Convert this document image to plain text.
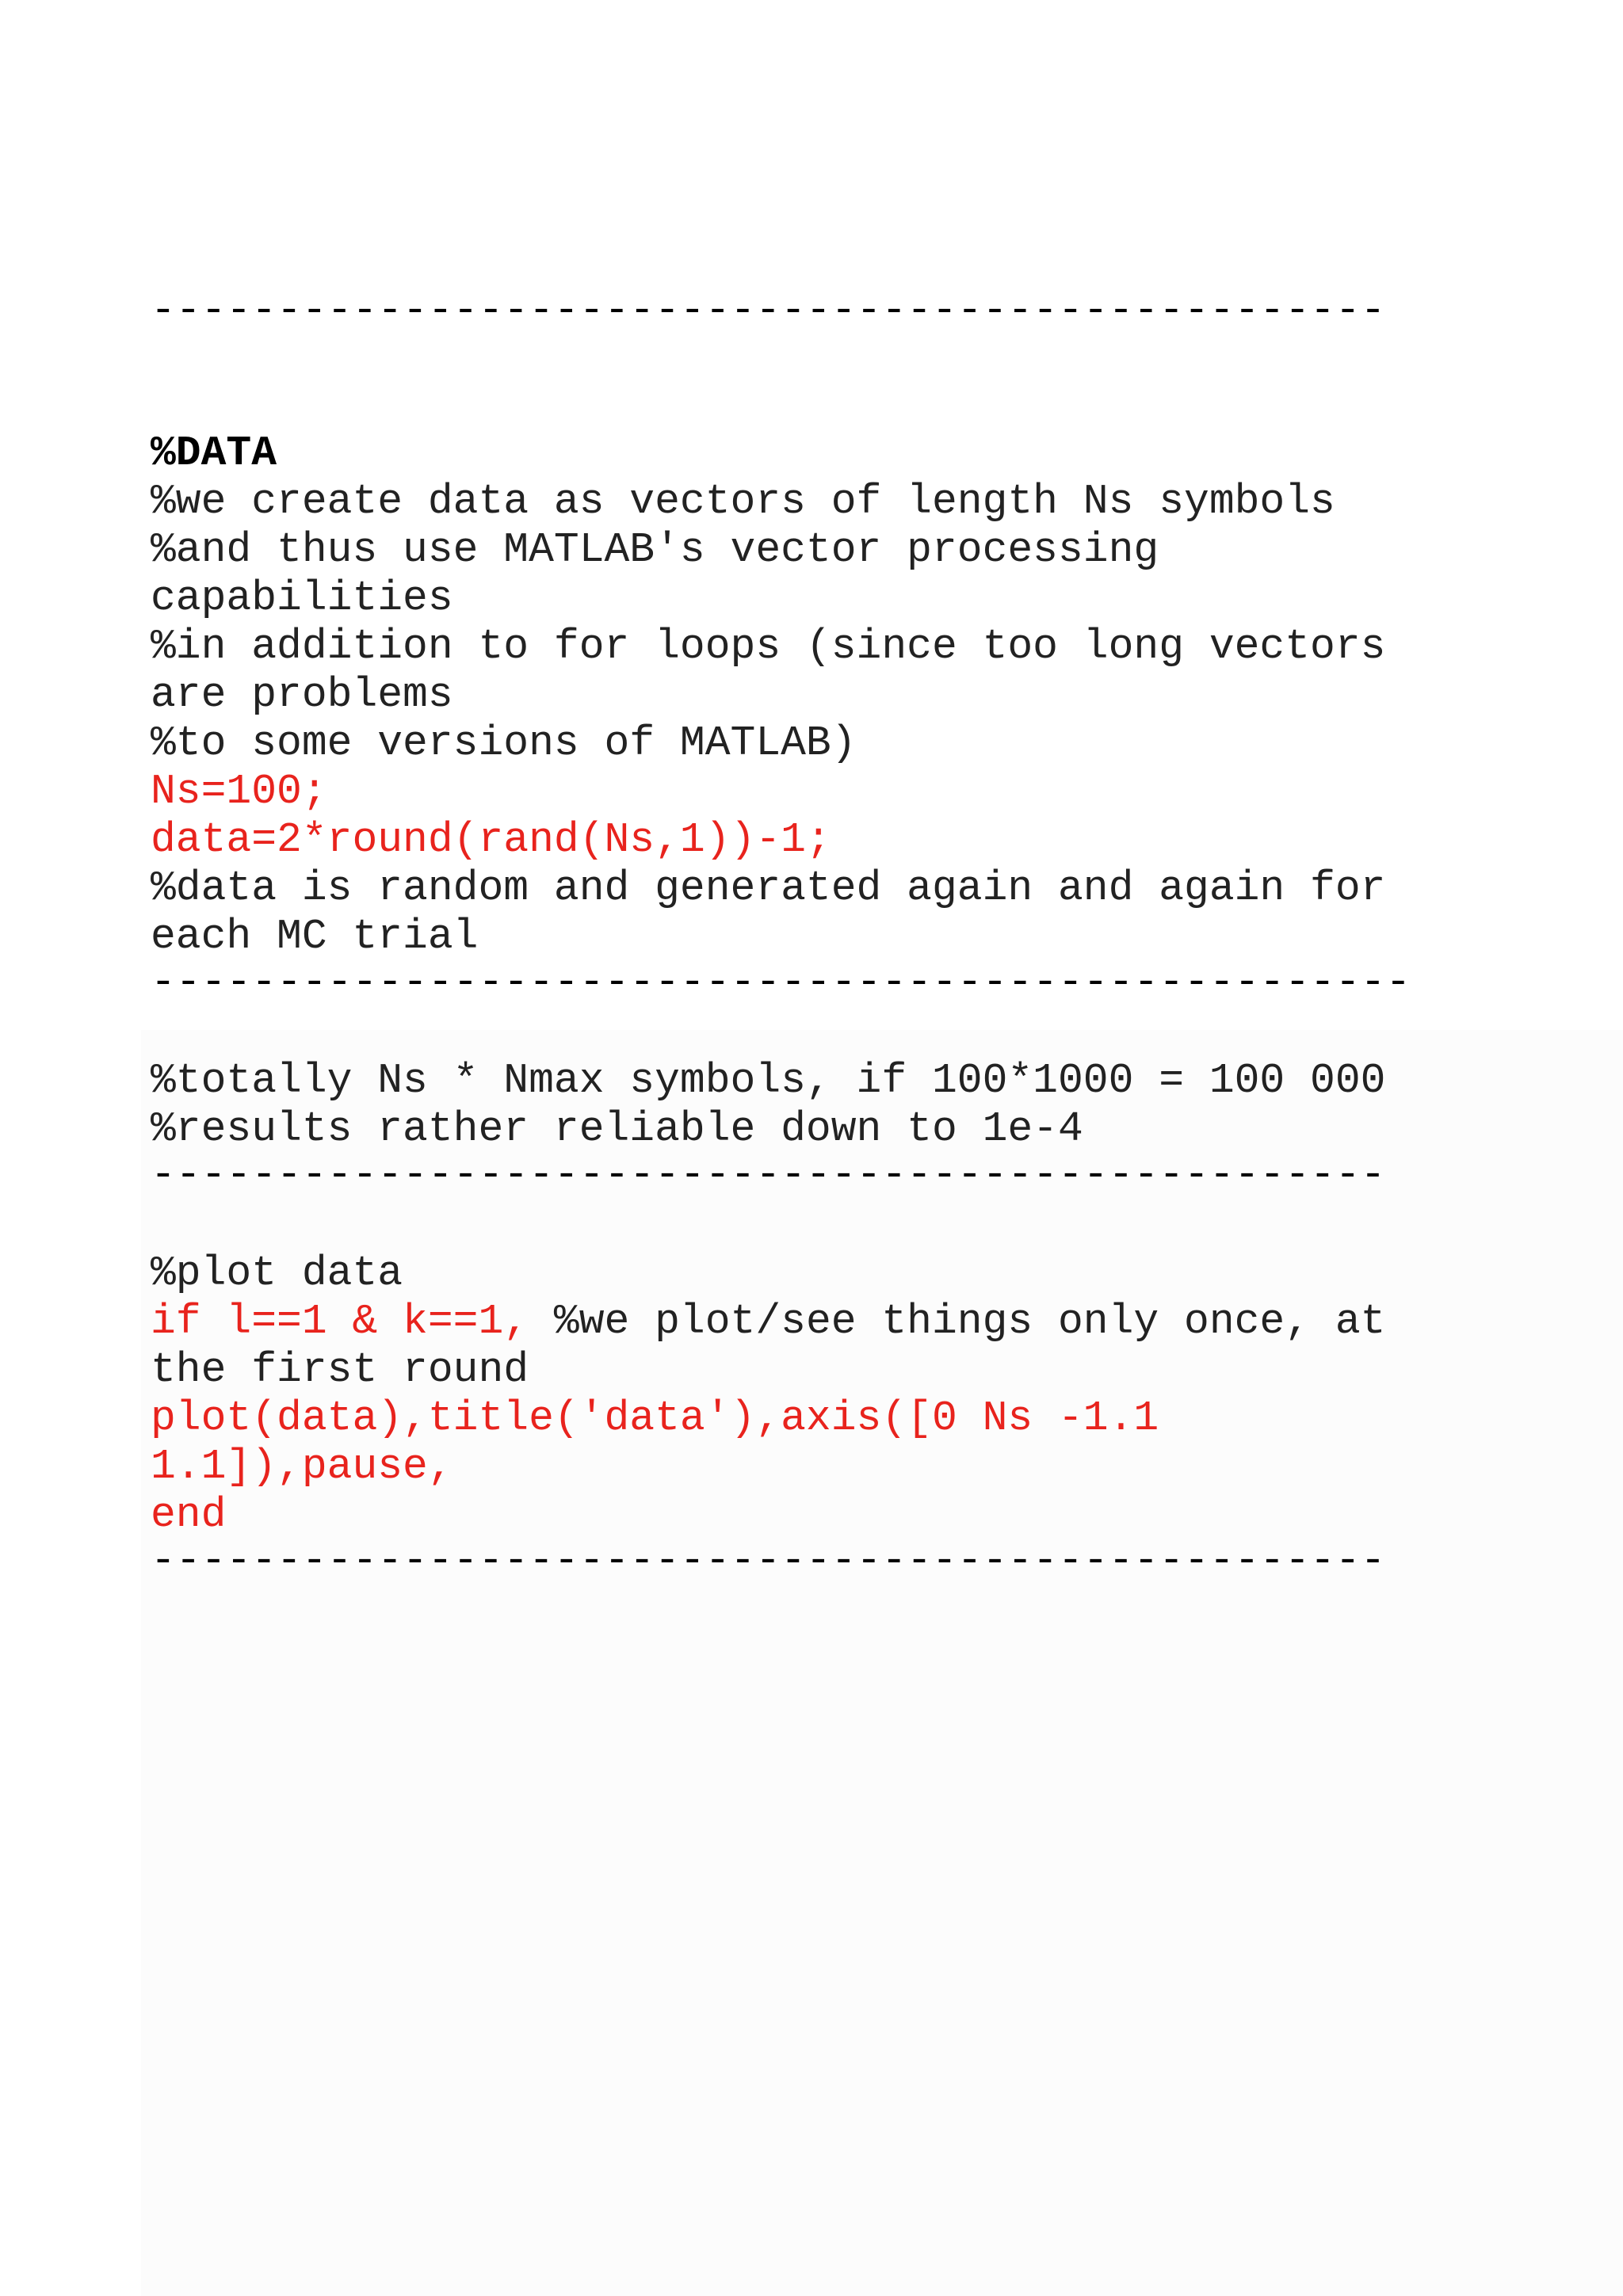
-------------------------------------------------

%DATA

%we create data as vectors of length Ns symbols

%and thus use MATLAB's vector processing

capabilities

%in addition to for loops (since too long vectors

are problems

%to some versions of MATLAB)

Ns=100;

data=2*round(rand(Ns,1))-1;

%data is random and generated again and again for

each MC trial

--------------------------------------------------

%totally Ns * Nmax symbols, if 100*1000 = 100 000

%results rather reliable down to 1e-4

-------------------------------------------------

%plot data

if l==1 & k==1, %we plot/see things only once, at

the first round

plot(data),title('data'),axis([0 Ns -1.1

1.1]),pause,

end

-------------------------------------------------
